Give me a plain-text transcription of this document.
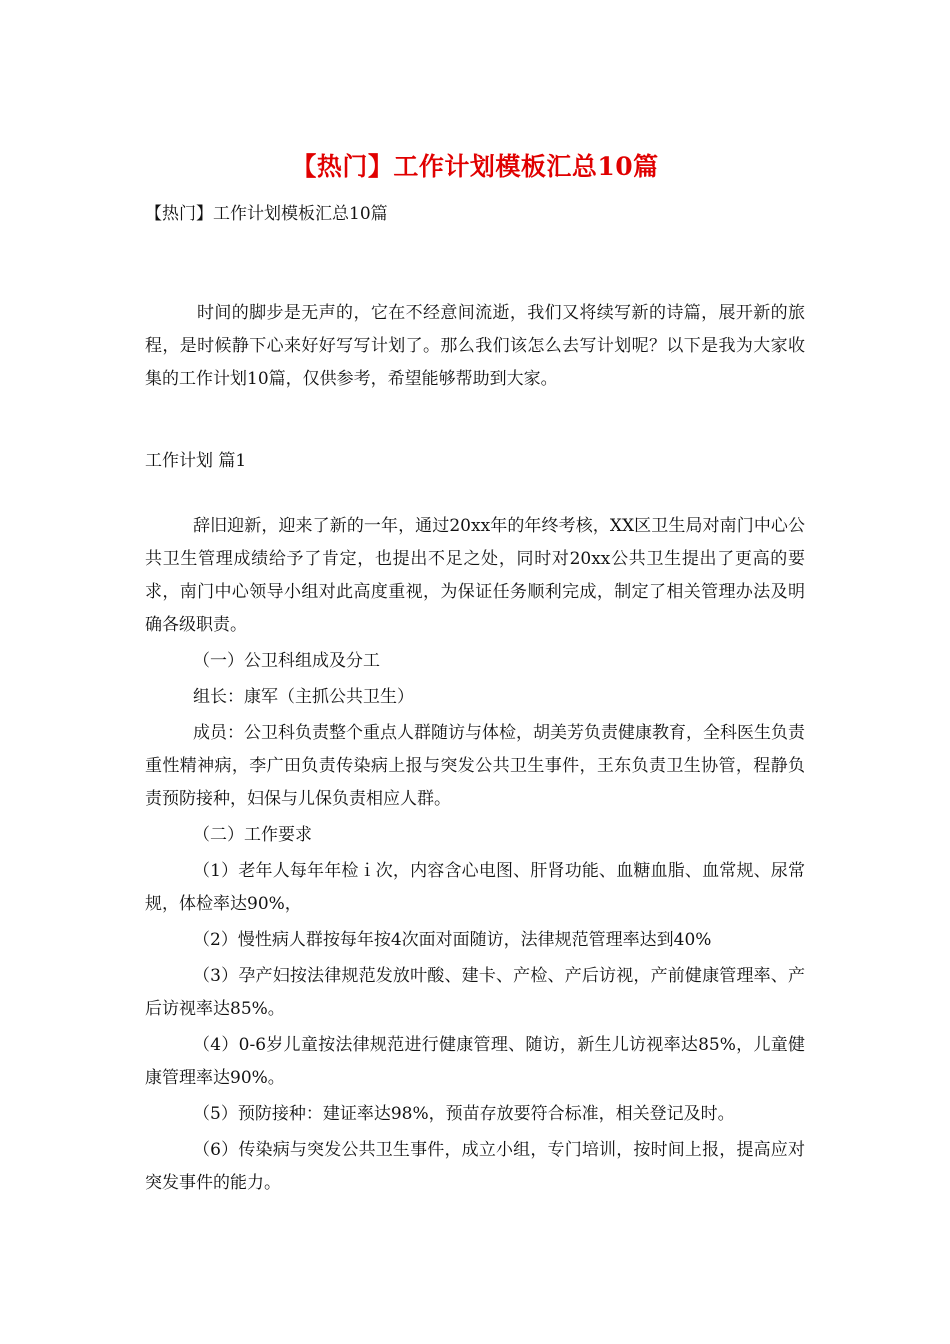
【热门】工作计划模板汇总10篇

【热门】工作计划模板汇总10篇

时间的脚步是无声的，它在不经意间流逝，我们又将续写新的诗篇，展开新的旅程，是时候静下心来好好写写计划了。那么我们该怎么去写计划呢？以下是我为大家收集的工作计划10篇，仅供参考，希望能够帮助到大家。

工作计划 篇1

辞旧迎新，迎来了新的一年，通过20xx年的年终考核，XX区卫生局对南门中心公共卫生管理成绩给予了肯定，也提出不足之处，同时对20xx公共卫生提出了更高的要求，南门中心领导小组对此高度重视，为保证任务顺利完成，制定了相关管理办法及明确各级职责。

（一）公卫科组成及分工

组长：康军（主抓公共卫生）

成员：公卫科负责整个重点人群随访与体检，胡美芳负责健康教育，全科医生负责重性精神病，李广田负责传染病上报与突发公共卫生事件，王东负责卫生协管，程静负责预防接种，妇保与儿保负责相应人群。

（二）工作要求

（1）老年人每年年检ｉ次，内容含心电图、肝肾功能、血糖血脂、血常规、尿常规，体检率达90%，

（2）慢性病人群按每年按4次面对面随访，法律规范管理率达到40%

（3）孕产妇按法律规范发放叶酸、建卡、产检、产后访视，产前健康管理率、产后访视率达85%。

（4）0-6岁儿童按法律规范进行健康管理、随访，新生儿访视率达85%，儿童健康管理率达90%。

（5）预防接种：建证率达98%，预苗存放要符合标准，相关登记及时。

（6）传染病与突发公共卫生事件，成立小组，专门培训，按时间上报，提高应对突发事件的能力。
